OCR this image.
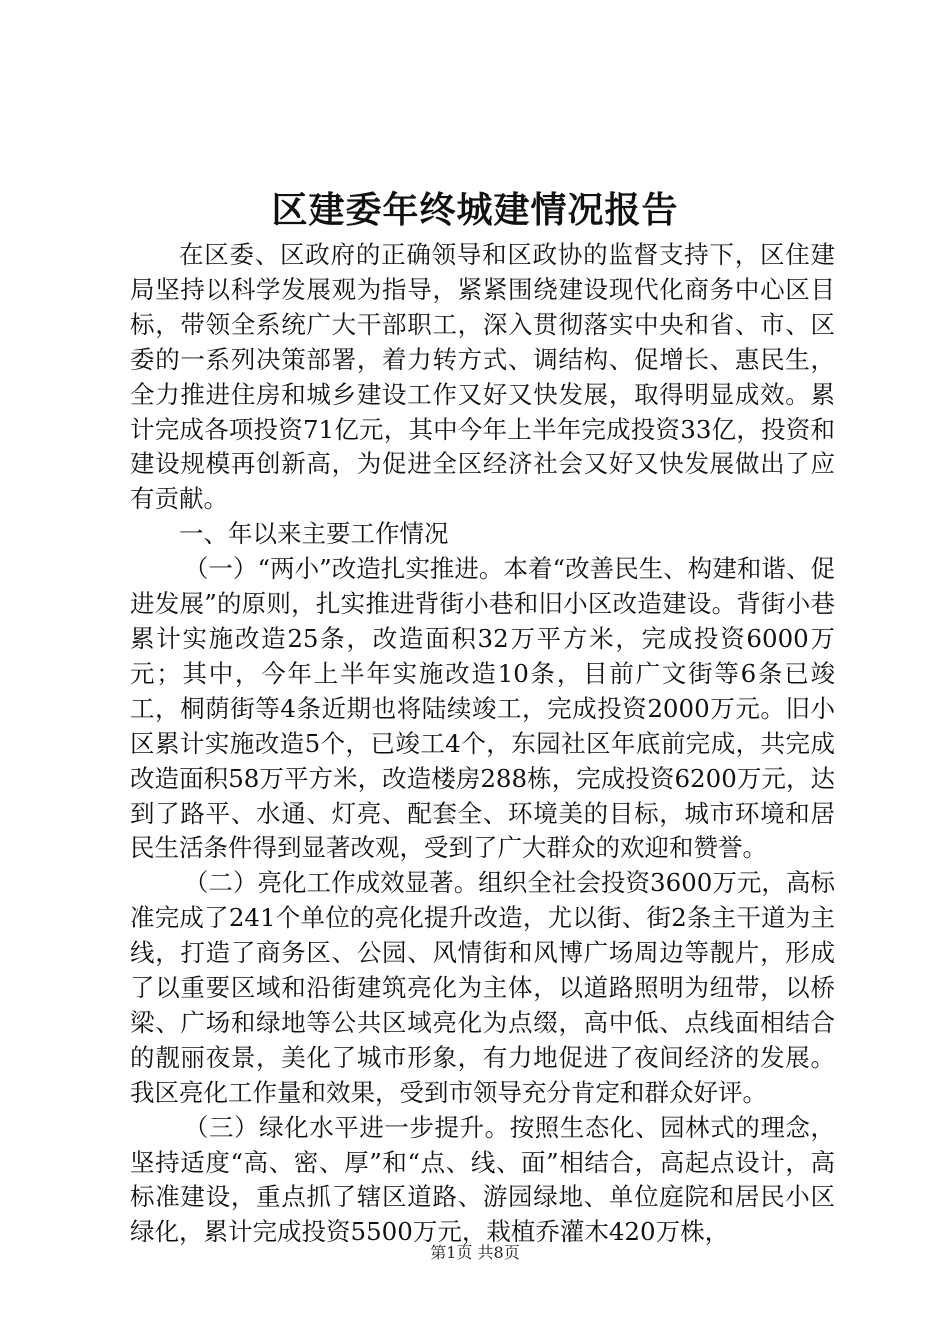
区建委年终城建情况报告

在区委、区政府的正确领导和区政协的监督支持下，区住建局坚持以科学发展观为指导，紧紧围绕建设现代化商务中心区目标，带领全系统广大干部职工，深入贯彻落实中央和省、市、区委的一系列决策部署，着力转方式、调结构、促增长、惠民生，全力推进住房和城乡建设工作又好又快发展，取得明显成效。累计完成各项投资71亿元，其中今年上半年完成投资33亿，投资和建设规模再创新高，为促进全区经济社会又好又快发展做出了应有贡献。

一、年以来主要工作情况

（一）“两小”改造扎实推进。本着“改善民生、构建和谐、促进发展”的原则，扎实推进背街小巷和旧小区改造建设。背街小巷累计实施改造25条，改造面积32万平方米，完成投资6000万元；其中，今年上半年实施改造10条，目前广文街等6条已竣工，桐荫街等4条近期也将陆续竣工，完成投资2000万元。旧小区累计实施改造5个，已竣工4个，东园社区年底前完成，共完成改造面积58万平方米，改造楼房288栋，完成投资6200万元，达到了路平、水通、灯亮、配套全、环境美的目标，城市环境和居民生活条件得到显著改观，受到了广大群众的欢迎和赞誉。

（二）亮化工作成效显著。组织全社会投资3600万元，高标准完成了241个单位的亮化提升改造，尤以街、街2条主干道为主线，打造了商务区、公园、风情街和风博广场周边等靓片，形成了以重要区域和沿街建筑亮化为主体，以道路照明为纽带，以桥梁、广场和绿地等公共区域亮化为点缀，高中低、点线面相结合的靓丽夜景，美化了城市形象，有力地促进了夜间经济的发展。我区亮化工作量和效果，受到市领导充分肯定和群众好评。

（三）绿化水平进一步提升。按照生态化、园林式的理念，坚持适度“高、密、厚”和“点、线、面”相结合，高起点设计，高标准建设，重点抓了辖区道路、游园绿地、单位庭院和居民小区绿化，累计完成投资5500万元，栽植乔灌木420万株，

第1页 共8页
